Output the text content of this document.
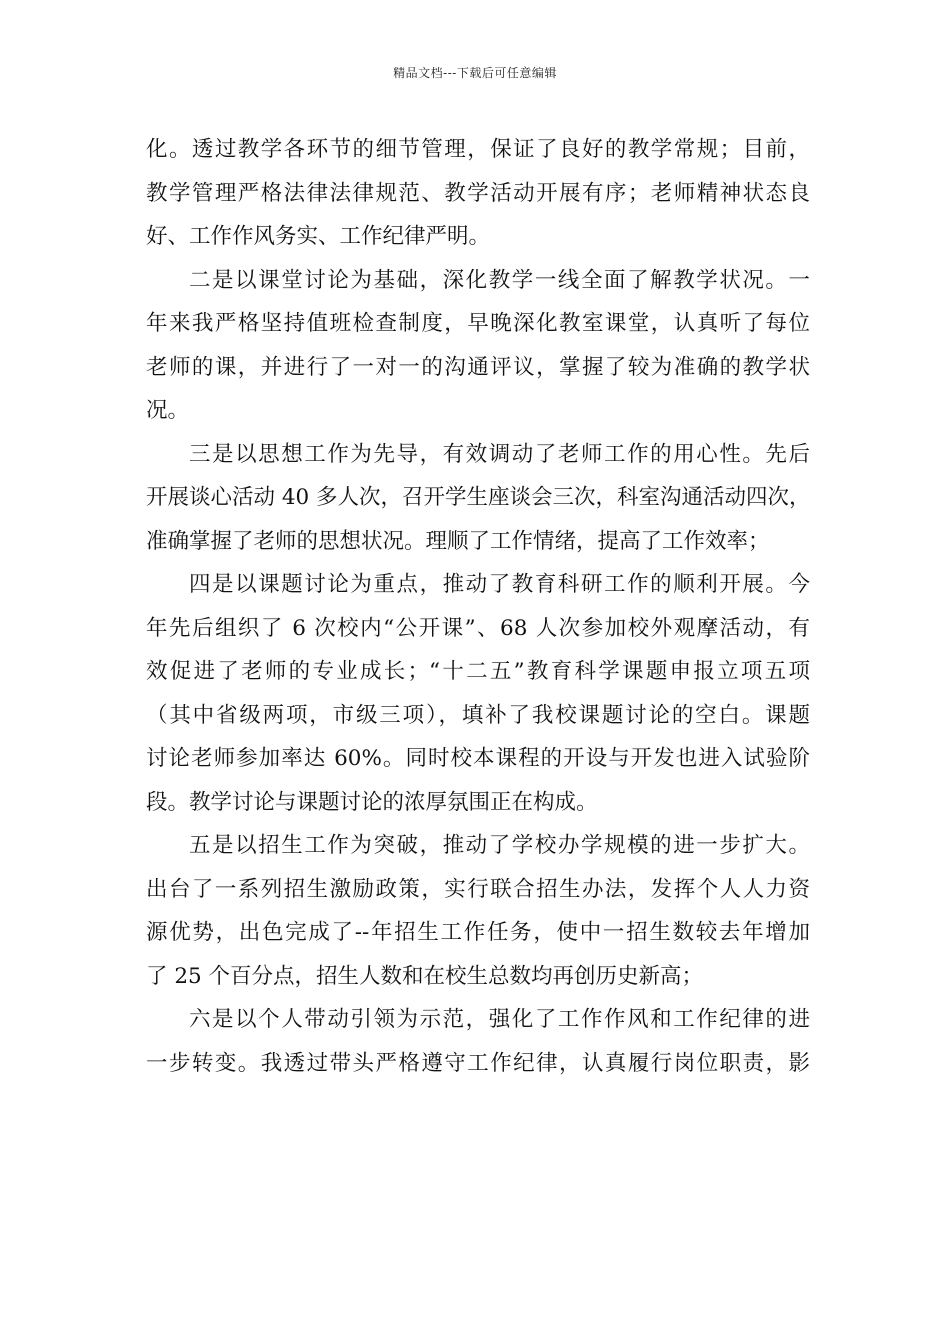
精品文档---下载后可任意编辑
化。透过教学各环节的细节管理，保证了良好的教学常规；目前，
教学管理严格法律法律规范、教学活动开展有序；老师精神状态良
好、工作作风务实、工作纪律严明。
二是以课堂讨论为基础，深化教学一线全面了解教学状况。一
年来我严格坚持值班检查制度，早晚深化教室课堂，认真听了每位
老师的课，并进行了一对一的沟通评议，掌握了较为准确的教学状
况。
三是以思想工作为先导，有效调动了老师工作的用心性。先后
开展谈心活动 40 多人次，召开学生座谈会三次，科室沟通活动四次，
准确掌握了老师的思想状况。理顺了工作情绪，提高了工作效率；
四是以课题讨论为重点，推动了教育科研工作的顺利开展。今
年先后组织了 6 次校内“公开课”、68 人次参加校外观摩活动，有
效促进了老师的专业成长；“十二五”教育科学课题申报立项五项
（其中省级两项，市级三项），填补了我校课题讨论的空白。课题
讨论老师参加率达 60%。同时校本课程的开设与开发也进入试验阶
段。教学讨论与课题讨论的浓厚氛围正在构成。
五是以招生工作为突破，推动了学校办学规模的进一步扩大。
出台了一系列招生激励政策，实行联合招生办法，发挥个人人力资
源优势，出色完成了--年招生工作任务，使中一招生数较去年增加
了 25 个百分点，招生人数和在校生总数均再创历史新高；
六是以个人带动引领为示范，强化了工作作风和工作纪律的进
一步转变。我透过带头严格遵守工作纪律，认真履行岗位职责，影
